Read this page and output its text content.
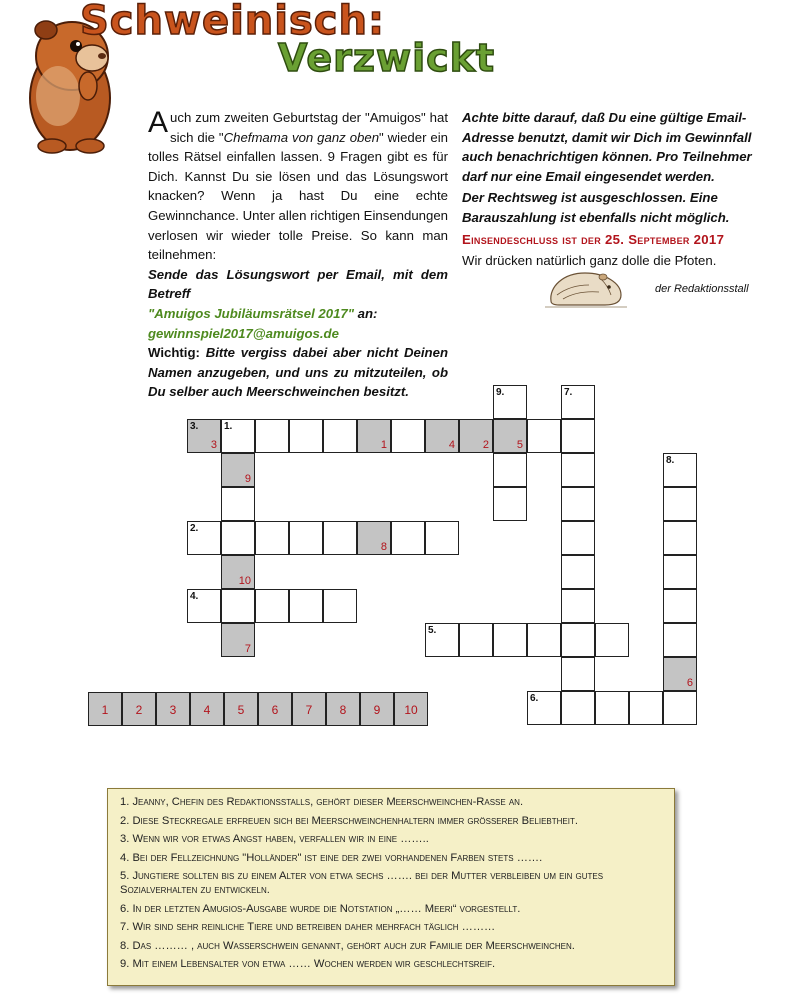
Schweinisch:
Verzwickt

Auch zum zweiten Geburtstag der "Amuigos" hat sich die "Chefmama von ganz oben" wieder ein tolles Rätsel einfallen lassen. 9 Fragen gibt es für Dich. Kannst Du sie lösen und das Lösungswort knacken? Wenn ja hast Du eine echte Gewinnchance. Unter allen richtigen Einsendungen verlosen wir wieder tolle Preise. So kann man teilnehmen:

Sende das Lösungswort per Email, mit dem Betreff

"Amuigos Jubiläumsrätsel 2017" an:

gewinnspiel2017@amuigos.de

Wichtig: Bitte vergiss dabei aber nicht Deinen Namen anzugeben, und uns zu mitzuteilen, ob Du selber auch Meerschweinchen besitzt.

Achte bitte darauf, daß Du eine gültige Email-Adresse benutzt, damit wir Dich im Gewinnfall auch benachrichtigen können. Pro Teilnehmer darf nur eine Email eingesendet werden.

Der Rechtsweg ist ausgeschlossen. Eine Barauszahlung ist ebenfalls nicht möglich.

Einsendeschluss ist der 25. September 2017

Wir drücken natürlich ganz dolle die Pfoten.

der Redaktionsstall
3.
3
1.
1	4	2	5
2.
8
4.
5.
6.
9
10
7
9.	7.
8.
6
1	2	3	4	5	6	7	8	9	10

1. Jeanny, Chefin des Redaktionsstalls, gehört dieser Meerschweinchen-Rasse an.

2. Diese Steckregale erfreuen sich bei Meerschweinchenhaltern immer grösserer Beliebtheit.

3. Wenn wir vor etwas Angst haben, verfallen wir in eine ……..

4. Bei der Fellzeichnung "Holländer" ist eine der zwei vorhandenen Farben stets …….

5. Jungtiere sollten bis zu einem Alter von etwa sechs ……. bei der Mutter verbleiben um ein gutes Sozialverhalten zu entwickeln.

6. In der letzten Amugios-Ausgabe wurde die Notstation „…… Meeri“ vorgestellt.

7. Wir sind sehr reinliche Tiere und betreiben daher mehrfach täglich ………

8. Das ……… , auch Wasserschwein genannt, gehört auch zur Familie der Meerschweinchen.

9. Mit einem Lebensalter von etwa …… Wochen werden wir geschlechtsreif.
